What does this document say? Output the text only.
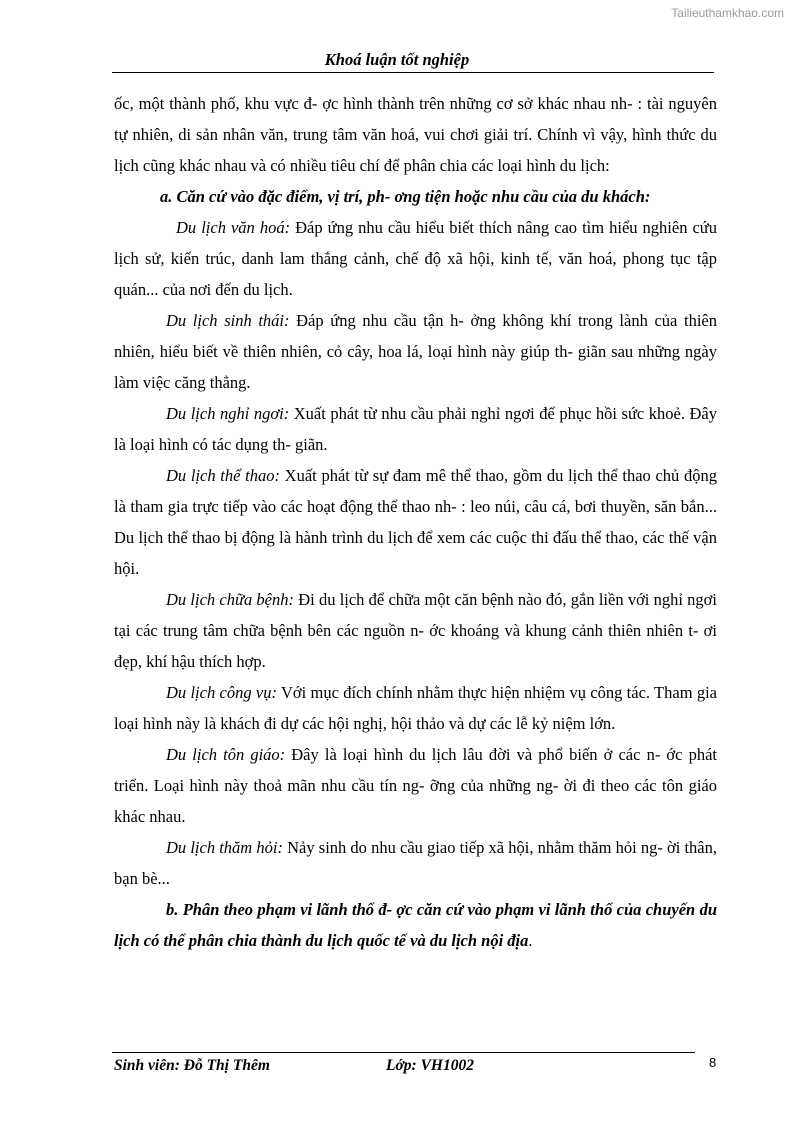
Tailieuthamkhao.com
Khoá luận tốt nghiệp

ốc, một thành phố, khu vực đ- ợc hình thành trên những cơ sở khác nhau nh- : tài nguyên tự nhiên, di sản nhân văn, trung tâm văn hoá, vui chơi giải trí. Chính vì vậy, hình thức du lịch cũng khác nhau và có nhiều tiêu chí để phân chia các loại hình du lịch:

a. Căn cứ vào đặc điểm, vị trí, ph- ơng tiện hoặc nhu cầu của du khách:

Du lịch văn hoá: Đáp ứng nhu cầu hiểu biết thích nâng cao tìm hiểu nghiên cứu lịch sử, kiến trúc, danh lam thắng cảnh, chế độ xã hội, kinh tế, văn hoá, phong tục tập quán... của nơi đến du lịch.

Du lịch sinh thái: Đáp ứng nhu cầu tận h- ởng không khí trong lành của thiên nhiên, hiểu biết về thiên nhiên, cỏ cây, hoa lá, loại hình này giúp th- giãn sau những ngày làm việc căng thẳng.

Du lịch nghỉ ngơi: Xuất phát từ nhu cầu phải nghỉ ngơi để phục hồi sức khoẻ. Đây là loại hình có tác dụng th- giãn.

Du lịch thể thao: Xuất phát từ sự đam mê thể thao, gồm du lịch thể thao chủ động là tham gia trực tiếp vào các hoạt động thể thao nh- : leo núi, câu cá, bơi thuyền, săn bắn... Du lịch thể thao bị động là hành trình du lịch để xem các cuộc thi đấu thể thao, các thế vận hội.

Du lịch chữa bệnh: Đi du lịch để chữa một căn bệnh nào đó, gắn liền với nghỉ ngơi tại các trung tâm chữa bệnh bên các nguồn n- ớc khoáng và khung cảnh thiên nhiên t- ơi đẹp, khí hậu thích hợp.

Du lịch công vụ: Với mục đích chính nhằm thực hiện nhiệm vụ công tác. Tham gia loại hình này là khách đi dự các hội nghị, hội thảo và dự các lễ kỷ niệm lớn.

Du lịch tôn giáo: Đây là loại hình du lịch lâu đời và phổ biến ở các n- ớc phát triển. Loại hình này thoả mãn nhu cầu tín ng- ỡng của những ng- ời đi theo các tôn giáo khác nhau.

Du lịch thăm hỏi: Nảy sinh do nhu cầu giao tiếp xã hội, nhằm thăm hỏi ng- ời thân, bạn bè...

b. Phân theo phạm vi lãnh thổ đ- ợc căn cứ vào phạm vi lãnh thổ của chuyến du lịch có thể phân chia thành du lịch quốc tế và du lịch nội địa.

Sinh viên: Đỗ Thị Thêm	Lớp: VH1002	8
